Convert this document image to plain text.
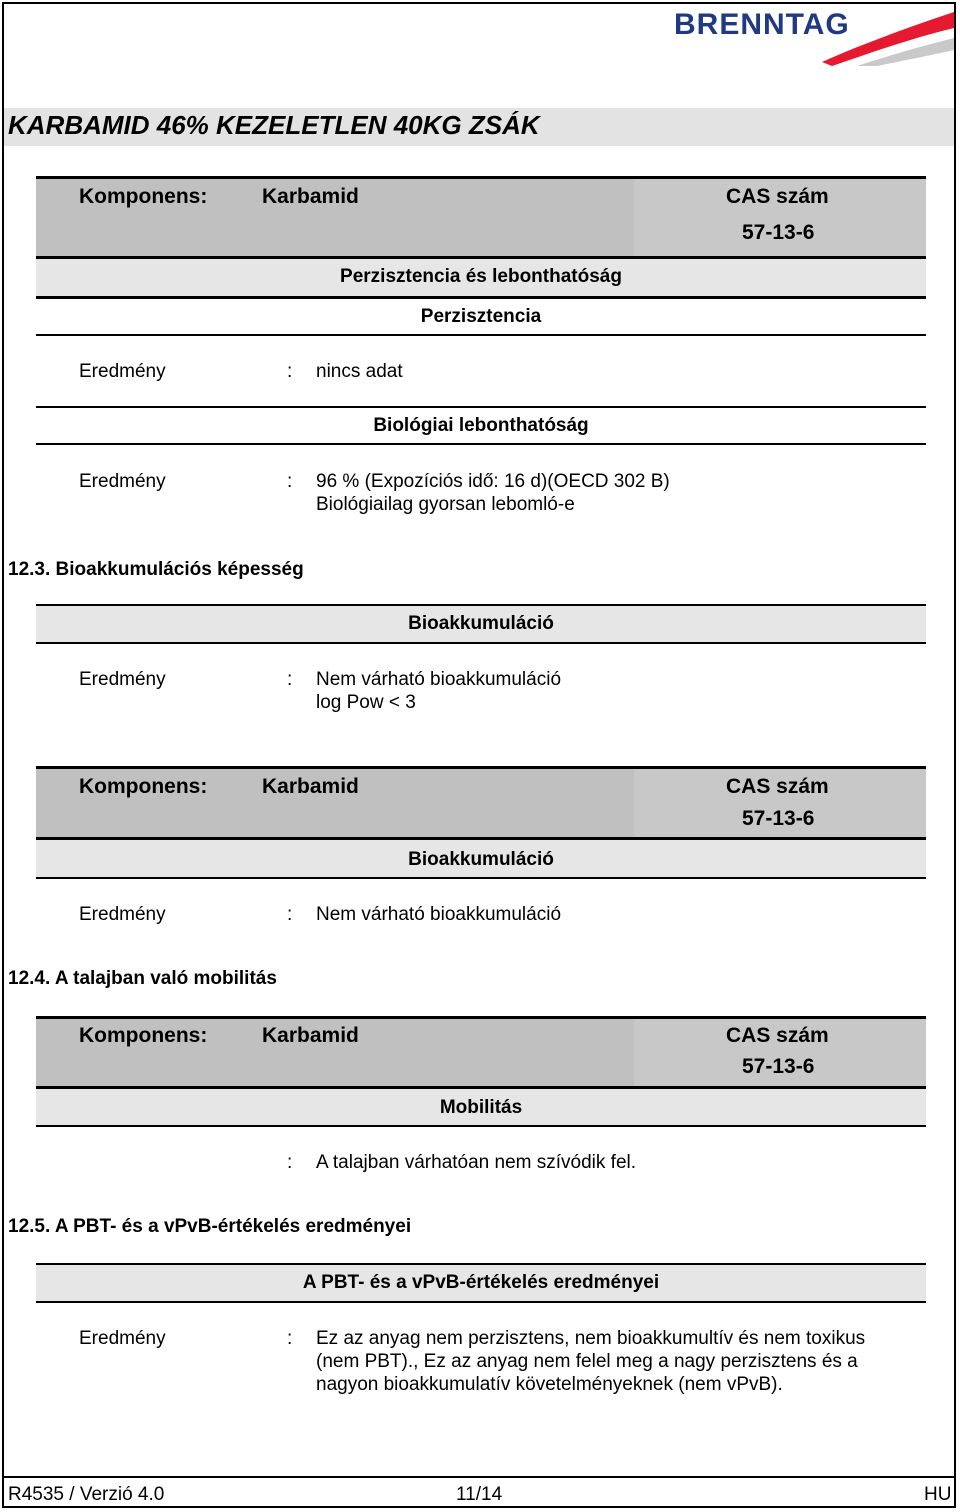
BRENNTAG
KARBAMID 46% KEZELETLEN 40KG ZSÁK
Komponens:	Karbamid	CAS szám
57-13-6
Perzisztencia és lebonthatóság
Perzisztencia
Eredmény	: nincs adat
Biológiai lebonthatóság
Eredmény	: 96 % (Expozíciós idő: 16 d)(OECD 302 B)
Biológiailag gyorsan lebomló-e
12.3. Bioakkumulációs képesség
Bioakkumuláció
Eredmény	: Nem várható bioakkumuláció
log Pow < 3
Komponens:	Karbamid	CAS szám
57-13-6
Bioakkumuláció
Eredmény	: Nem várható bioakkumuláció
12.4. A talajban való mobilitás
Komponens:	Karbamid	CAS szám
57-13-6
Mobilitás
: A talajban várhatóan nem szívódik fel.
12.5. A PBT- és a vPvB-értékelés eredményei
A PBT- és a vPvB-értékelés eredményei
Eredmény	: Ez az anyag nem perzisztens, nem bioakkumultív és nem toxikus
(nem PBT)., Ez az anyag nem felel meg a nagy perzisztens és a
nagyon bioakkumulatív követelményeknek (nem vPvB).
R4535 / Verzió 4.0	11/14	HU
